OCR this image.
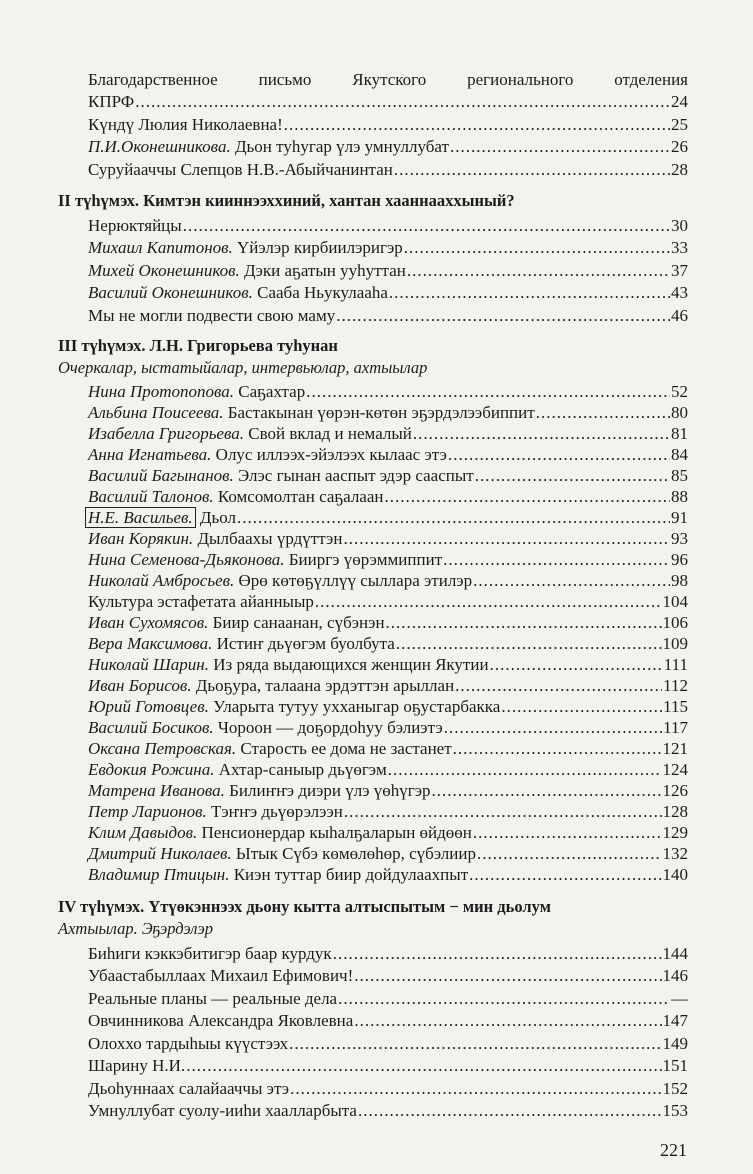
Благодарственное письмо Якутского регионального отделения
КПРФ .....	24
Күндү Люлия Николаевна! .....	25
П.И.Оконешникова. Дьон туһугар үлэ умнуллубат .....	26
Суруйааччы Слепцов Н.В.-Абыйчанинтан .....	28
II түһүмэх. Кимтэн кииннээххиний, хантан хааннааххыный?
Нерюктяйцы .....	30
Михаил Капитонов. Үйэлэр кирбиилэригэр .....	33
Михей Оконешников. Дэки аҕатын ууһуттан .....	37
Василий Оконешников. Сааба Ньукулааһа .....	43
Мы не могли подвести свою маму .....	46
III түһүмэх. Л.Н. Григорьева туһунан
Очеркалар, ыстатыйалар, интервьюлар, ахтыылар
Нина Протопопова. Саҕахтар .....	52
Альбина Поисеева. Бастакынан үөрэн-көтөн эҕэрдэлээбиппит .....	80
Изабелла Григорьева. Свой вклад и немалый .....	81
Анна Игнатьева. Олус иллээх-эйэлээх кылаас этэ .....	84
Василий Багынанов. Элэс гынан ааспыт эдэр сааспыт .....	85
Василий Талонов. Комсомолтан саҕалаан .....	88
Н.Е. Васильев. Дьол .....	91
Иван Корякин. Дылбаахы үрдүттэн .....	93
Нина Семенова-Дьяконова. Бииргэ үөрэммиппит .....	96
Николай Амбросьев. Өрө көтөҕүллүү сыллара этилэр .....	98
Культура эстафетата айанныыр .....	104
Иван Сухомясов. Биир санаанан, сүбэнэн .....	106
Вера Максимова. Истиҥ дьүөгэм буолбута .....	109
Николай Шарин. Из ряда выдающихся женщин Якутии .....	111
Иван Борисов. Дьоҕура, талаана эрдэттэн арыллан .....	112
Юрий Готовцев. Уларыта тутуу ухханыгар оҕустарбакка .....	115
Василий Босиков. Чороон — доҕордоһуу бэлиэтэ .....	117
Оксана Петровская. Старость ее дома не застанет .....	121
Евдокия Рожина. Ахтар-саныыр дьүөгэм .....	124
Матрена Иванова. Билиҥҥэ диэри үлэ үөһүгэр .....	126
Петр Ларионов. Тэҥҥэ дьүөрэлээн .....	128
Клим Давыдов. Пенсионердар кыһалҕаларын өйдөөн .....	129
Дмитрий Николаев. Ытык Сүбэ көмөлөһөр, сүбэлиир .....	132
Владимир Птицын. Киэн туттар биир дойдулаахпыт .....	140
IV түһүмэх. Үтүөкэннээх дьону кытта алтыспытым − мин дьолум
Ахтыылар. Эҕэрдэлэр
Биһиги кэккэбитигэр баар курдук .....	144
Убаастабыллаах Михаил Ефимович! .....	146
Реальные планы — реальные дела .....	—
Овчинникова Александра Яковлевна .....	147
Олоххо тардыһыы күүстээх .....	149
Шарину Н.И. .....	151
Дьоһуннаах салайааччы этэ .....	152
Умнуллубат суолу-ииһи хаалларбыта .....	153
221
